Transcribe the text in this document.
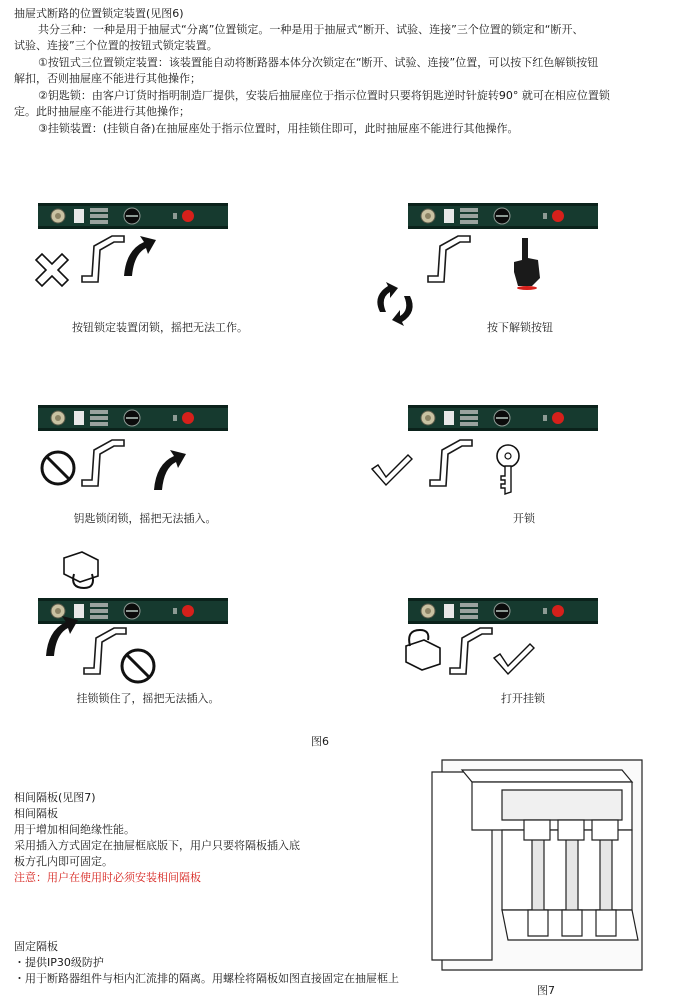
抽屉式断路的位置锁定装置(见图6)
共分三种：一种是用于抽屉式“分离”位置锁定。一种是用于抽屉式“断开、试验、连接”三个位置的锁定和“断开、
试验、连接”三个位置的按钮式锁定装置。
①按钮式三位置锁定装置：该装置能自动将断路器本体分次锁定在“断开、试验、连接”位置，可以按下红色解锁按钮
解扣，否则抽屉座不能进行其他操作；
②钥匙锁：由客户订货时指明制造厂提供，安装后抽屉座位于指示位置时只要将钥匙逆时针旋转90° 就可在相应位置锁
定。此时抽屉座不能进行其他操作；
③挂锁装置：(挂锁自备)在抽屉座处于指示位置时，用挂锁住即可，此时抽屉座不能进行其他操作。
按钮锁定装置闭锁，摇把无法工作。	按下解锁按钮
钥匙锁闭锁，摇把无法插入。	开锁
挂锁锁住了，摇把无法插入。	打开挂锁
图6
相间隔板(见图7)
相间隔板
用于增加相间绝缘性能。
采用插入方式固定在抽屉框底版下，用户只要将隔板插入底
板方孔内即可固定。
注意：用户在使用时必须安装相间隔板
固定隔板
・提供IP30级防护
・用于断路器组件与柜内汇流排的隔离。用螺栓将隔板如图直接固定在抽屉框上
图7
